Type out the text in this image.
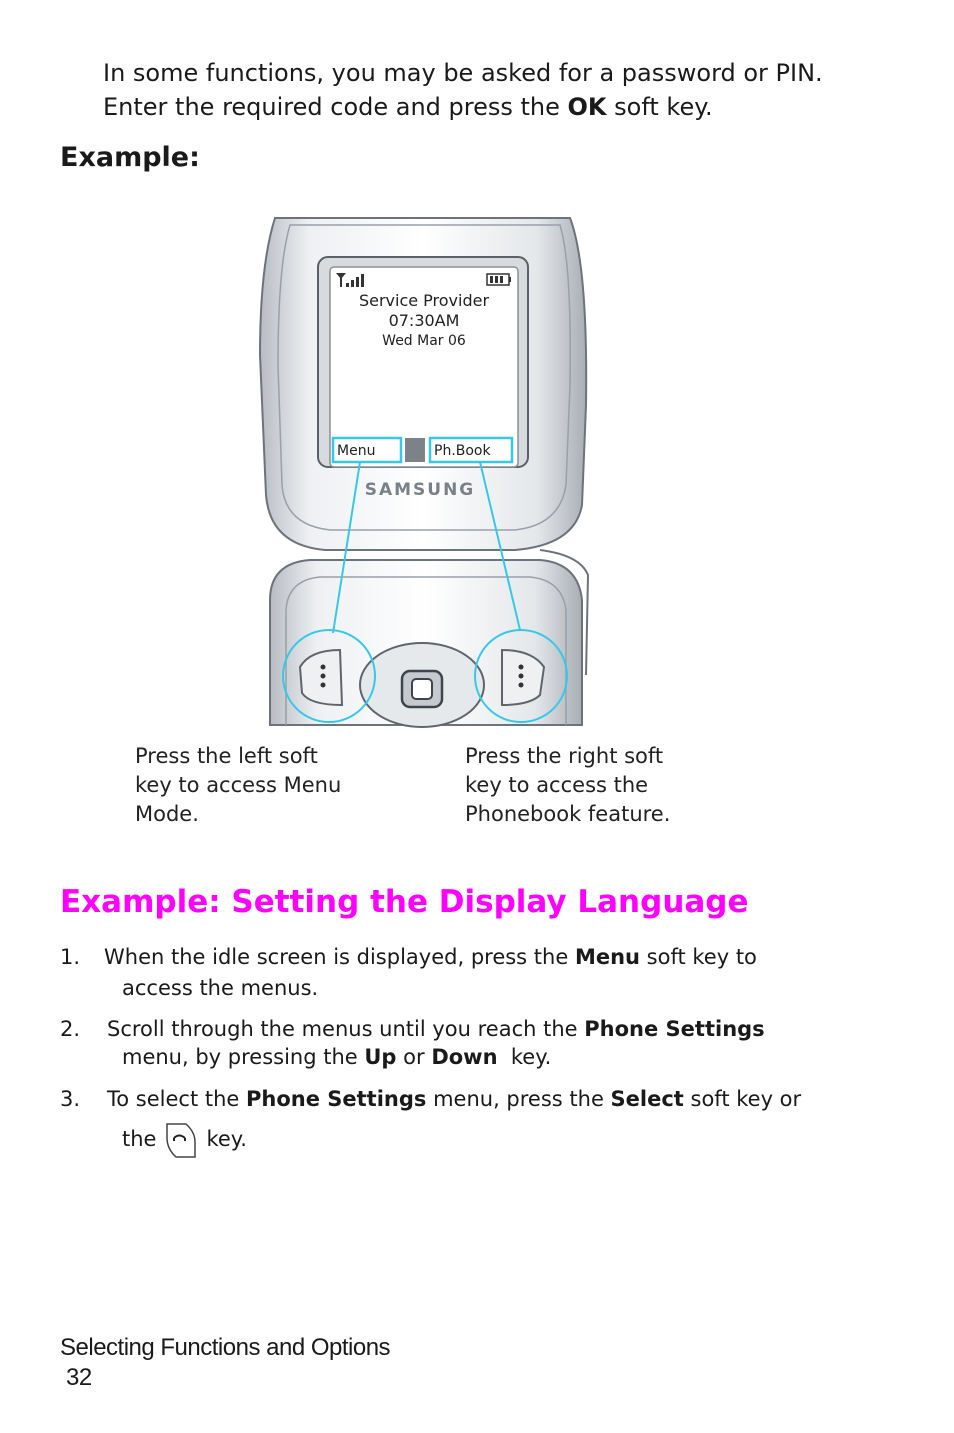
In some functions, you may be asked for a password or PIN.

Enter the required code and press the OK soft key.

Example:
Service Provider
07:30AM
Wed Mar 06
Menu	Ph.Book
SAMSUNG

Press the left soft
key to access Menu
Mode.

Press the right soft
key to access the
Phonebook feature.

Example: Setting the Display Language
1. When the idle screen is displayed, press the Menu soft key to
access the menus.
2. Scroll through the menus until you reach the Phone Settings
menu, by pressing the Up or Down  key.
3. To select the Phone Settings menu, press the Select soft key or
the key.
Selecting Functions and Options
32
